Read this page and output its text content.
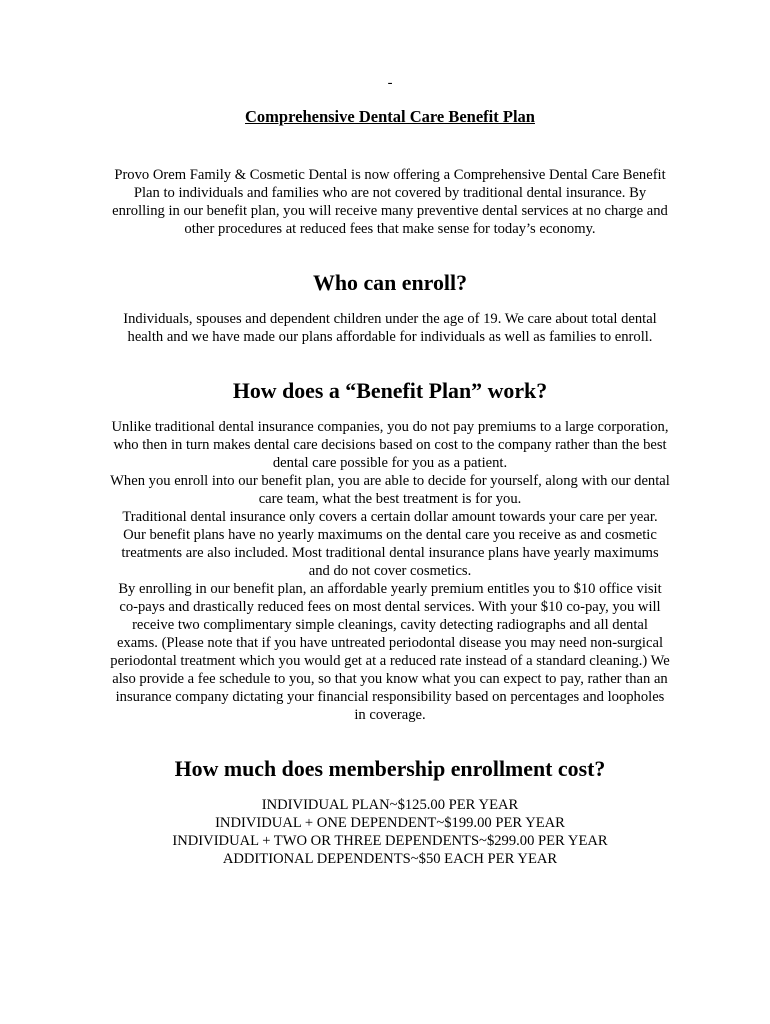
-
Comprehensive Dental Care Benefit Plan

Provo Orem Family & Cosmetic Dental is now offering a Comprehensive Dental Care Benefit Plan to individuals and families who are not covered by traditional dental insurance. By enrolling in our benefit plan, you will receive many preventive dental services at no charge and other procedures at reduced fees that make sense for today’s economy.

Who can enroll?

Individuals, spouses and dependent children under the age of 19. We care about total dental health and we have made our plans affordable for individuals as well as families to enroll.

How does a “Benefit Plan” work?

Unlike traditional dental insurance companies, you do not pay premiums to a large corporation, who then in turn makes dental care decisions based on cost to the company rather than the best dental care possible for you as a patient.

When you enroll into our benefit plan, you are able to decide for yourself, along with our dental care team, what the best treatment is for you.

Traditional dental insurance only covers a certain dollar amount towards your care per year. Our benefit plans have no yearly maximums on the dental care you receive as and cosmetic treatments are also included. Most traditional dental insurance plans have yearly maximums and do not cover cosmetics.

By enrolling in our benefit plan, an affordable yearly premium entitles you to $10 office visit co-pays and drastically reduced fees on most dental services. With your $10 co-pay, you will receive two complimentary simple cleanings, cavity detecting radiographs and all dental exams. (Please note that if you have untreated periodontal disease you may need non-surgical periodontal treatment which you would get at a reduced rate instead of a standard cleaning.) We also provide a fee schedule to you, so that you know what you can expect to pay, rather than an insurance company dictating your financial responsibility based on percentages and loopholes in coverage.

How much does membership enrollment cost?
INDIVIDUAL PLAN~$125.00 PER YEAR
INDIVIDUAL + ONE DEPENDENT~$199.00 PER YEAR
INDIVIDUAL + TWO OR THREE DEPENDENTS~$299.00 PER YEAR
ADDITIONAL DEPENDENTS~$50 EACH PER YEAR
